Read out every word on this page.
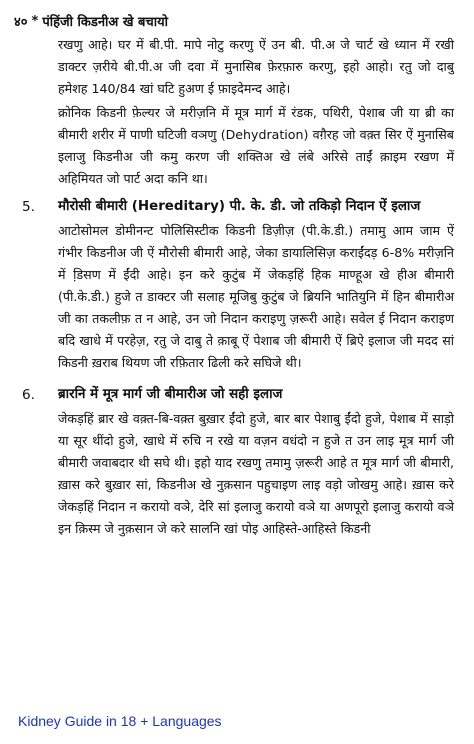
४० * पंहिंजी किडनीअ खे बचायो

रखणु आहे। घर में बी.पी. मापे नोटु करणु ऐं उन बी. पी.अ जे चार्ट खे ध्यान में रखी डाक्टर ज़रीये बी.पी.अ जी दवा में मुनासिब फ़ेरफ़ारु करणु, इहो आहो। रतु जो दाबु हमेशह 140/84 खां घटि हुअण ई फ़ाइदेमन्द आहे।

क्रोनिक किडनी फ़ेल्यर जे मरीज़नि में मूत्र मार्ग में रंडक, पथिरी, पेशाब जी या ब्री का बीमारी शरीर में पाणी घटिजी वञणु (Dehydration) वग़ैरह जो वक़्त सिर ऐं मुनासिब इलाजु किडनीअ जी कमु करण जी शक्तिअ खे लंबे अरिसे ताईं क़ाइम रखण में अहिमियत जो पार्ट अदा कनि था।

5. मौरोसी बीमारी (Hereditary) पी. के. डी. जो तकिड़ो निदान ऐं इलाज

आटोसोमल डोमीनन्ट पोलिसिस्टीक किडनी डिज़ीज़ (पी.के.डी.) तमामु आम जाम ऐं गंभीर किडनीअ जी ऐं मौरोसी बीमारी आहे, जेका डायालिसिज़ कराईंदड़ 6-8% मरीज़नि में डि़सण में ईंदी आहे। इन करे कुटुंब में जेकड़हिं हिक माण्हूअ खे हीअ बीमारी (पी.के.डी.) हुजे त डाक्टर जी सलाह मूजिबु कुटुंब जे ब्रियनि भातियुनि में हिन बीमारीअ जी का तकलीफ़ त न आहे, उन जो निदान कराइणु ज़रूरी आहे। सवेल ई निदान कराइण बदि खाधे में परहेज़, रतु जे दाबु ते क़ाबू ऐं पेशाब जी बीमारी ऐं ब्रिऐ इलाज जी मदद सां किडनी ख़राब थियण जी रफ़ितार ढिली करे सघिजे थी।

6. ब्रारनि में मूत्र मार्ग जी बीमारीअ जो सही इलाज

जेकड़हिं ब्रार खे वक़्त-बि-वक़्त बुख़ार ईंदो हुजे, बार बार पेशाबु ईंदो हुजे, पेशाब में साड़ो या सूर थींदो हुजे, खाधे में रुचि न रखे या वज़न वधंदो न हुजे त उन लाइ मूत्र मार्ग जी बीमारी जवाबदार थी सघे थी। इहो याद रखणु तमामु ज़रूरी आहे त मूत्र मार्ग जी बीमारी, ख़ास करे बुख़ार सां, किडनीअ खे नुक़सान पहुचाइण लाइ वड़ो जोखमु आहे। ख़ास करे जेकड़हिं निदान न करायो वञे, देरि सां इलाजु करायो वञे या अणपूरो इलाजु करायो वञे इन क़िस्म जे नुक़सान जे करे सालनि खां पोइ आहिस्ते-आहिस्ते किडनी

Kidney Guide in 18 + Languages
